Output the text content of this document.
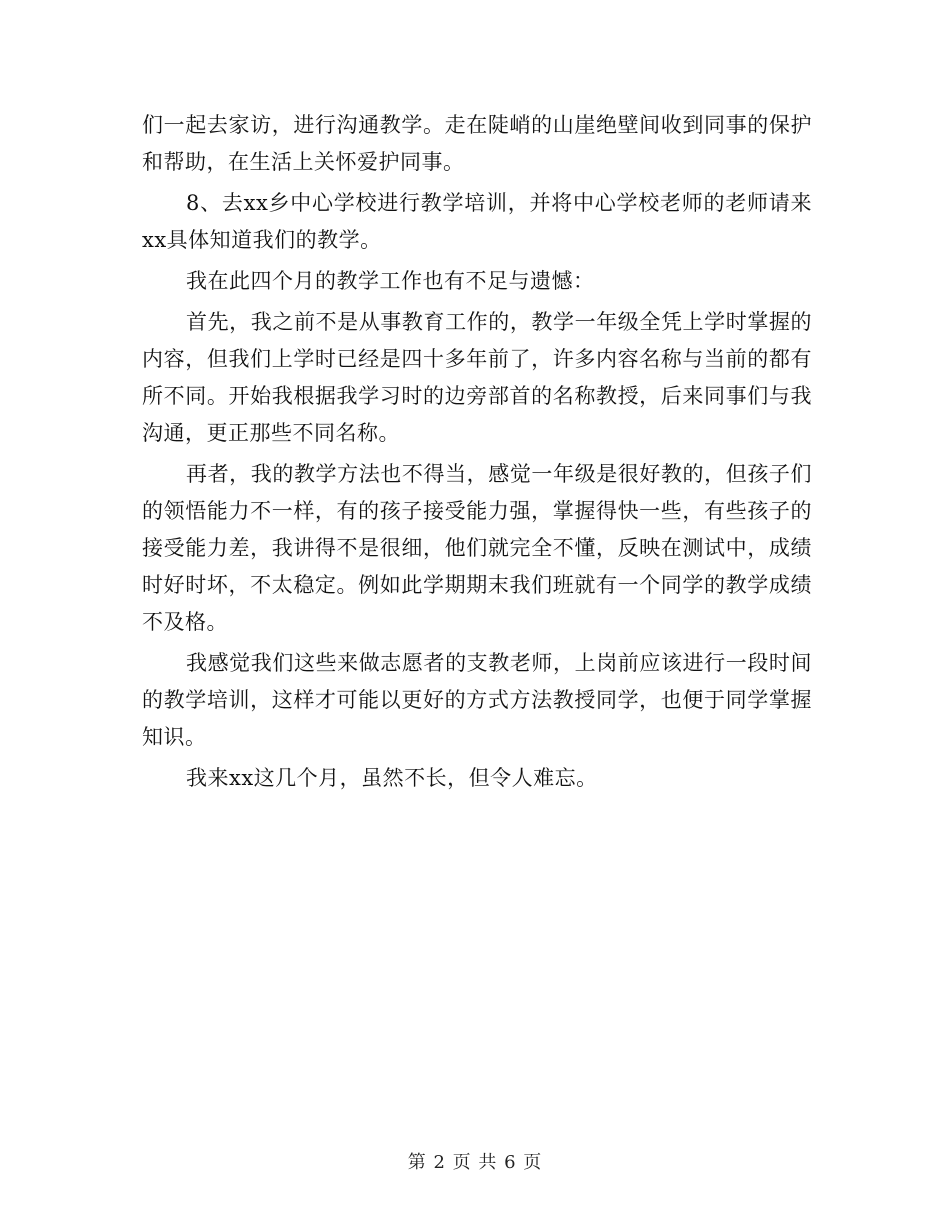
们一起去家访，进行沟通教学。走在陡峭的山崖绝壁间收到同事的保护和帮助，在生活上关怀爱护同事。

8、去xx乡中心学校进行教学培训，并将中心学校老师的老师请来xx具体知道我们的教学。

我在此四个月的教学工作也有不足与遗憾：

首先，我之前不是从事教育工作的，教学一年级全凭上学时掌握的内容，但我们上学时已经是四十多年前了，许多内容名称与当前的都有所不同。开始我根据我学习时的边旁部首的名称教授，后来同事们与我沟通，更正那些不同名称。

再者，我的教学方法也不得当，感觉一年级是很好教的，但孩子们的领悟能力不一样，有的孩子接受能力强，掌握得快一些，有些孩子的接受能力差，我讲得不是很细，他们就完全不懂，反映在测试中，成绩时好时坏，不太稳定。例如此学期期末我们班就有一个同学的教学成绩不及格。

我感觉我们这些来做志愿者的支教老师，上岗前应该进行一段时间的教学培训，这样才可能以更好的方式方法教授同学，也便于同学掌握知识。

我来xx这几个月，虽然不长，但令人难忘。

第 2 页 共 6 页
